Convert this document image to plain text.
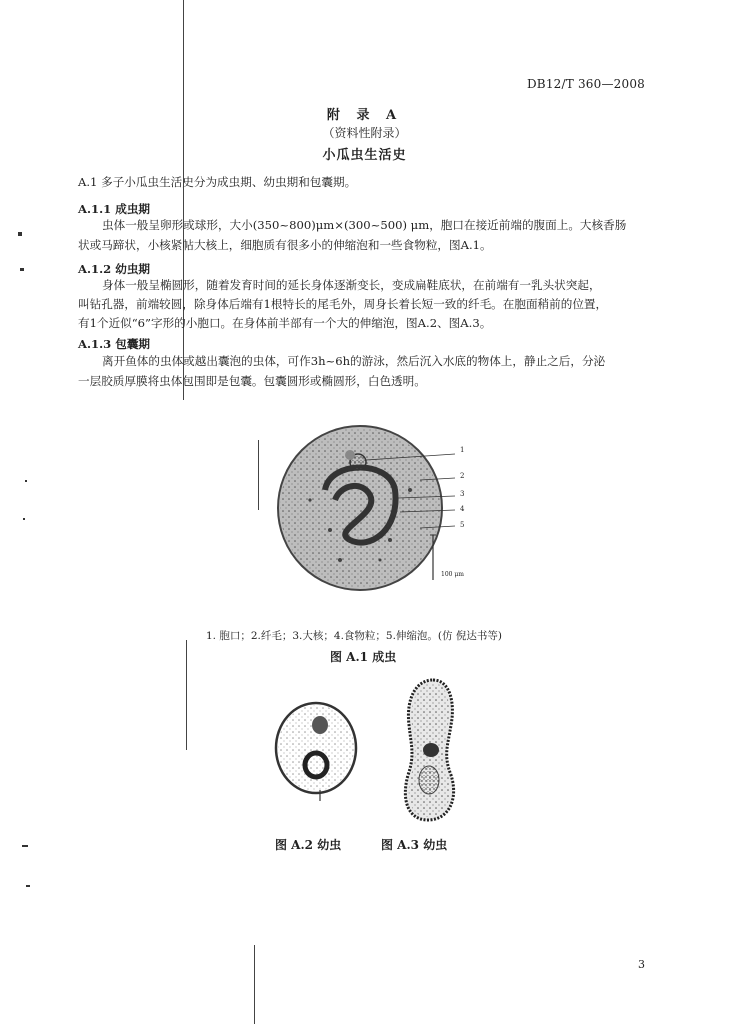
DB12/T 360—2008
附 录 A
（资料性附录）
小瓜虫生活史
A.1 多子小瓜虫生活史分为成虫期、幼虫期和包囊期。
A.1.1 成虫期
虫体一般呈卵形或球形，大小(350~800)μm×(300~500) μm，胞口在接近前端的腹面上。大核香肠
状或马蹄状，小核紧帖大核上，细胞质有很多小的伸缩泡和一些食物粒，图A.1。
A.1.2 幼虫期
身体一般呈椭圆形，随着发育时间的延长身体逐渐变长，变成扁鞋底状，在前端有一乳头状突起，
叫钻孔器，前端较圆，除身体后端有1根特长的尾毛外，周身长着长短一致的纤毛。在胞面稍前的位置，
有1个近似“6”字形的小胞口。在身体前半部有一个大的伸缩泡，图A.2、图A.3。
A.1.3 包囊期
离开鱼体的虫体或越出囊泡的虫体，可作3h~6h的游泳，然后沉入水底的物体上，静止之后，分泌
一层胶质厚膜将虫体包围即是包囊。包囊圆形或椭圆形，白色透明。
1
2
3
4
5
100 μm
1. 胞口；2.纤毛；3.大核；4.食物粒；5.伸缩泡。(仿 倪达书等)
图 A.1 成虫
图 A.2 幼虫	图 A.3 幼虫
3
